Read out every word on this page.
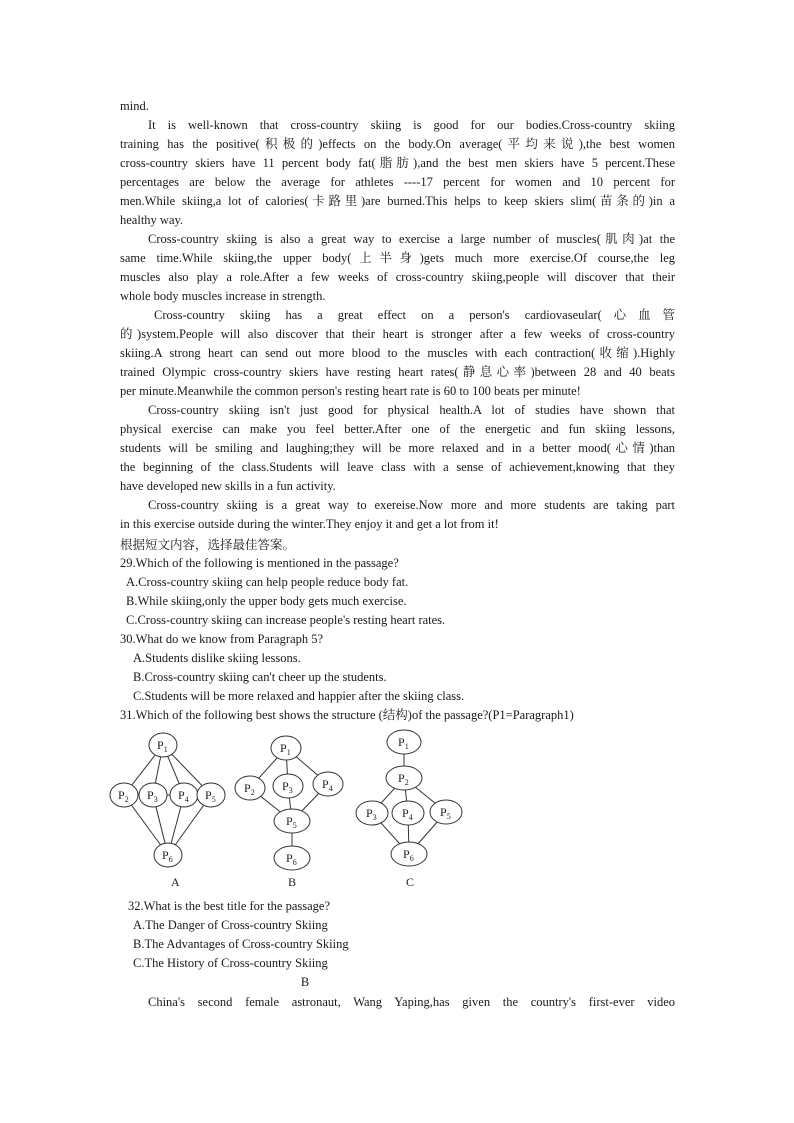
mind.
It is well-known that cross-country skiing is good for our bodies.Cross-country skiing
training has the positive(积极的)effects on the body.On average(平均来说),the best women
cross-country skiers have 11 percent body fat(脂肪),and the best men skiers have 5 percent.These
percentages are below the average for athletes ----17 percent for women and 10 percent for
men.While skiing,a lot of calories(卡路里)are burned.This helps to keep skiers slim(苗条的)in a
healthy way.
Cross-country skiing is also a great way to exercise a large number of muscles(肌肉)at the
same time.While skiing,the upper body(上半身)gets much more exercise.Of course,the leg
muscles also play a role.After a few weeks of cross-country skiing,people will discover that their
whole body muscles increase in strength.
Cross-country skiing has a great effect on a person's cardiovaseular(心血管
的)system.People will also discover that their heart is stronger after a few weeks of cross-country
skiing.A strong heart can send out more blood to the muscles with each contraction(收缩).Highly
trained Olympic cross-country skiers have resting heart rates(静息心率)between 28 and 40 beats
per minute.Meanwhile the common person's resting heart rate is 60 to 100 beats per minute!
Cross-country skiing isn't just good for physical health.A lot of studies have shown that
physical exercise can make you feel better.After one of the energetic and fun skiing lessons,
students will be smiling and laughing;they will be more relaxed and in a better mood(心情)than
the beginning of the class.Students will leave class with a sense of achievement,knowing that they
have developed new skills in a fun activity.
Cross-country skiing is a great way to exereise.Now more and more students are taking part
in this exercise outside during the winter.They enjoy it and get a lot from it!
根据短文内容，选择最佳答案。
29.Which of the following is mentioned in the passage?
A.Cross-country skiing can help people reduce body fat.
B.While skiing,only the upper body gets much exercise.
C.Cross-country skiing can increase people's resting heart rates.
30.What do we know from Paragraph 5?
A.Students dislike skiing lessons.
B.Cross-country skiing can't cheer up the students.
C.Students will be more relaxed and happier after the skiing class.
31.Which of the following best shows the structure (结构)of the passage?(P1=Paragraph1)
$P_1$
$P_2$ $P_3$ $P_4$ $P_5$
$P_6$
A
$P_1$
$P_2$ $P_3$ $P_4$
$P_5$
$P_6$
B
$P_1$
$P_2$
$P_3$ $P_4$ $P_5$
$P_6$
C
32.What is the best title for the passage?
A.The Danger of Cross-country Skiing
B.The Advantages of Cross-country Skiing
C.The History of Cross-country Skiing
B
China's second female astronaut, Wang Yaping,has given the country's first-ever video
